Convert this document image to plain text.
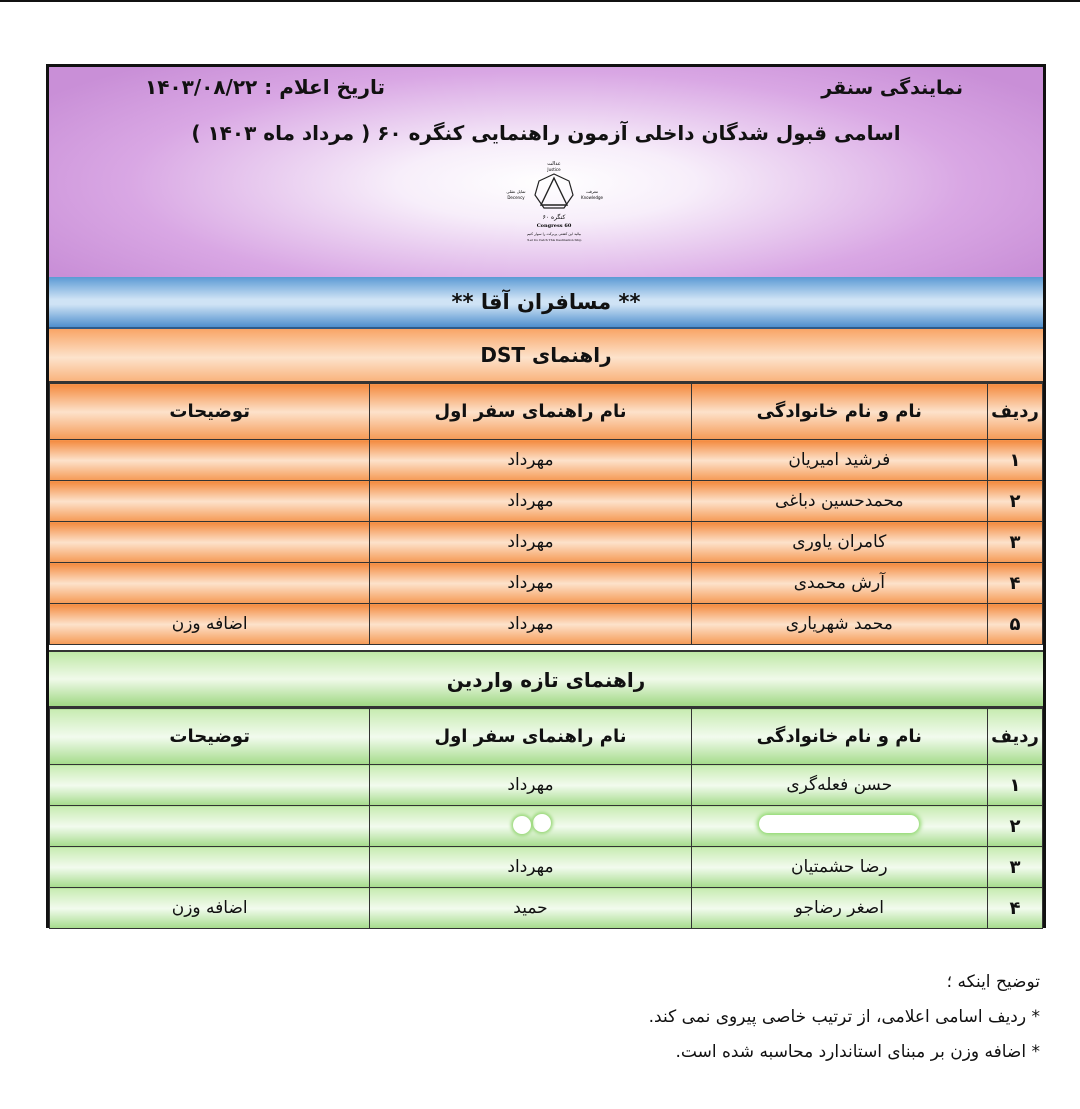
نمایندگی سنقر
تاریخ اعلام : ۱۴۰۳/۰۸/۲۲
اسامی قبول شدگان داخلی آزمون راهنمایی کنگره ۶۰ ( مرداد ماه ۱۴۰۳ )
عدالت
Justice
تمایل عقلی
Decency
معرفت
Knowledge
کنگره ۶۰
Congress 60
بیائید این کشتی پربرکت را سوار کنیم
Let Us Catch This Destination Ship!
** مسافران آقا **
راهنمای DST
ردیف	نام و نام خانوادگی	نام راهنمای سفر اول	توضیحات
۱	فرشید امیریان	مهرداد	
۲	محمدحسین دباغی	مهرداد	
۳	کامران یاوری	مهرداد	
۴	آرش محمدی	مهرداد	
۵	محمد شهریاری	مهرداد	اضافه وزن
راهنمای تازه واردین
ردیف	نام و نام خانوادگی	نام راهنمای سفر اول	توضیحات
۱	حسن فعله‌گری	مهرداد	
۲		

۳	رضا حشمتیان	مهرداد	
۴	اصغر رضاجو	حمید	اضافه وزن
توضیح اینکه ؛
* ردیف اسامی اعلامی، از ترتیب خاصی پیروی نمی کند.
* اضافه وزن بر مبنای استاندارد محاسبه شده است.
